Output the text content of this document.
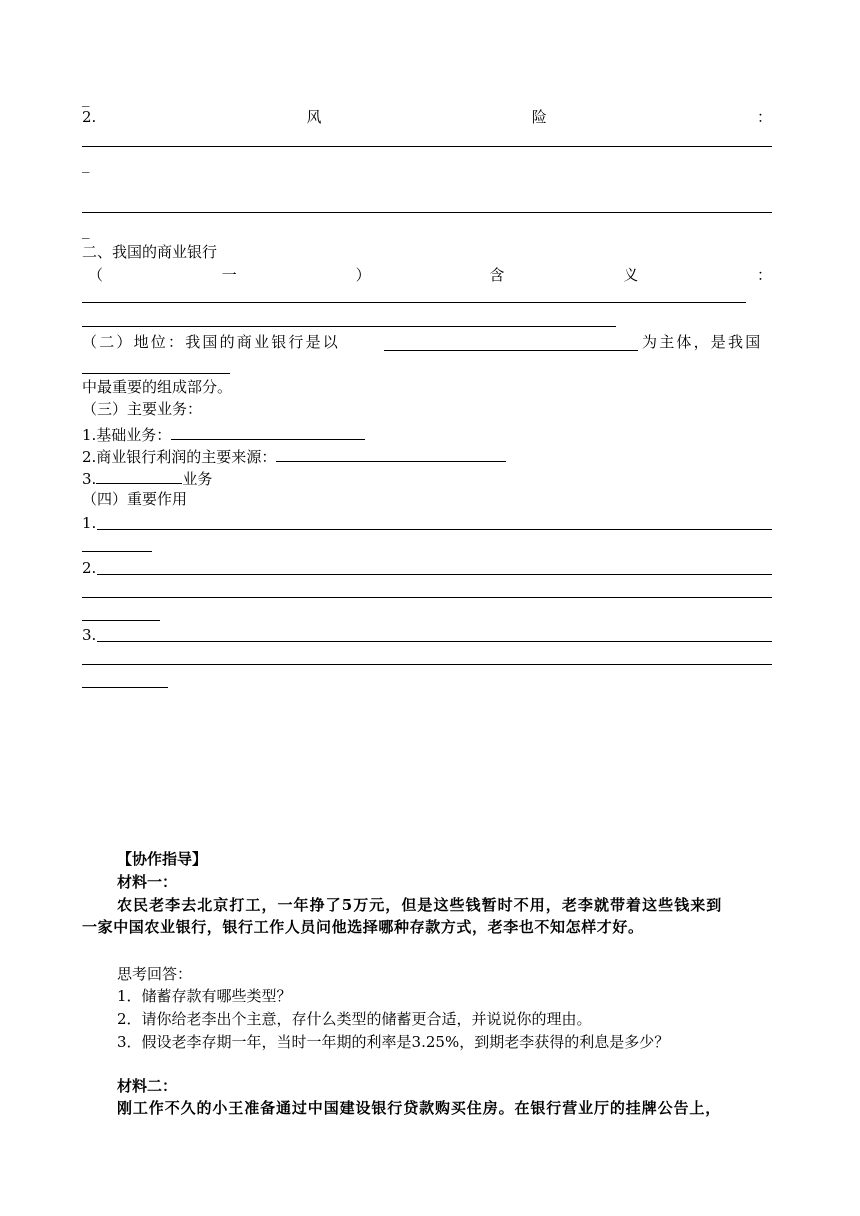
_
2.	风	险	：
_
_
二、我国的商业银行
（	一	）	含	义	：
（二）地位：我国的商业银行是以	为主体，是我国
中最重要的组成部分。
（三）主要业务：
1.基础业务：
2.商业银行利润的主要来源：
3.	业务
（四）重要作用
1.
2.
3.
【协作指导】
材料一：
农民老李去北京打工，一年挣了5万元，但是这些钱暂时不用，老李就带着这些钱来到
一家中国农业银行，银行工作人员问他选择哪种存款方式，老李也不知怎样才好。
思考回答：
1．储蓄存款有哪些类型？
2．请你给老李出个主意，存什么类型的储蓄更合适，并说说你的理由。
3．假设老李存期一年，当时一年期的利率是3.25%，到期老李获得的利息是多少？
材料二：
刚工作不久的小王准备通过中国建设银行贷款购买住房。在银行营业厅的挂牌公告上，
